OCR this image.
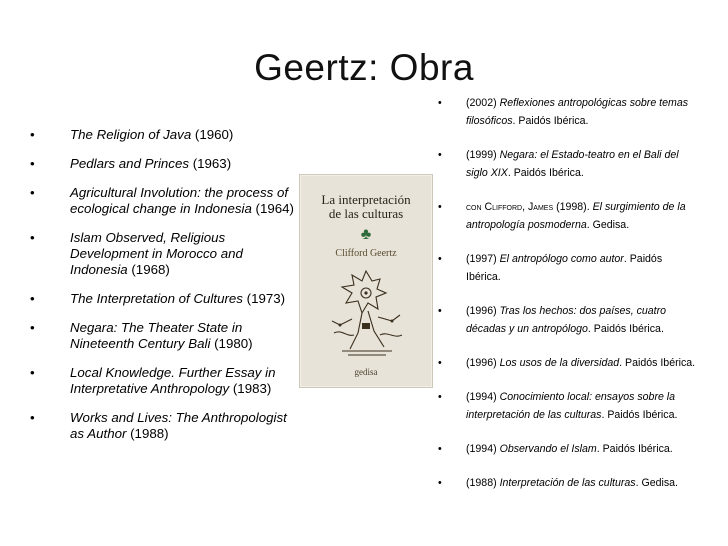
Geertz: Obra
•	The Religion of Java (1960)
•	Pedlars and Princes (1963)
•	Agricultural Involution: the process of ecological change in Indonesia (1964)
•	Islam Observed, Religious Development in Morocco and Indonesia (1968)
•	The Interpretation of Cultures (1973)
•	Negara: The Theater State in Nineteenth Century Bali (1980)
•	Local Knowledge. Further Essay in Interpretative Anthropology (1983)
•	Works and Lives: The Anthropologist as Author (1988)
La interpretación
de las culturas
♣
Clifford Geertz
gedisa
• (2002) Reflexiones antropológicas sobre temas filosóficos. Paidós Ibérica.
• (1999) Negara: el Estado-teatro en el Bali del siglo XIX. Paidós Ibérica.
• con Clifford, James (1998). El surgimiento de la antropología posmoderna. Gedisa.
• (1997) El antropólogo como autor. Paidós Ibérica.
• (1996) Tras los hechos: dos países, cuatro décadas y un antropólogo. Paidós Ibérica.
• (1996) Los usos de la diversidad. Paidós Ibérica.
• (1994) Conocimiento local: ensayos sobre la interpretación de las culturas. Paidós Ibérica.
• (1994) Observando el Islam. Paidós Ibérica.
• (1988) Interpretación de las culturas. Gedisa.
